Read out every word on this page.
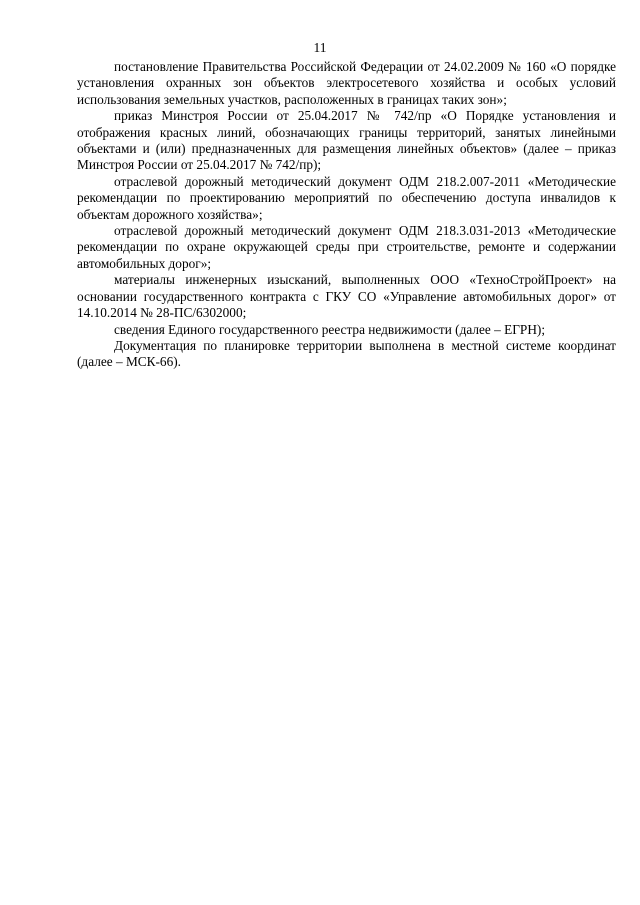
11

постановление Правительства Российской Федерации от 24.02.2009 № 160 «О порядке установления охранных зон объектов электросетевого хозяйства и особых условий использования земельных участков, расположенных в границах таких зон»;

приказ Минстроя России от 25.04.2017 № 742/пр «О Порядке установления и отображения красных линий, обозначающих границы территорий, занятых линейными объектами и (или) предназначенных для размещения линейных объектов» (далее – приказ Минстроя России от 25.04.2017 № 742/пр);

отраслевой дорожный методический документ ОДМ 218.2.007-2011 «Методические рекомендации по проектированию мероприятий по обеспечению доступа инвалидов к объектам дорожного хозяйства»;

отраслевой дорожный методический документ ОДМ 218.3.031-2013 «Методические рекомендации по охране окружающей среды при строительстве, ремонте и содержании автомобильных дорог»;

материалы инженерных изысканий, выполненных ООО «ТехноСтройПроект» на основании государственного контракта с ГКУ СО «Управление автомобильных дорог» от 14.10.2014 № 28-ПС/6302000;

сведения Единого государственного реестра недвижимости (далее – ЕГРН);

Документация по планировке территории выполнена в местной системе координат (далее – МСК-66).
